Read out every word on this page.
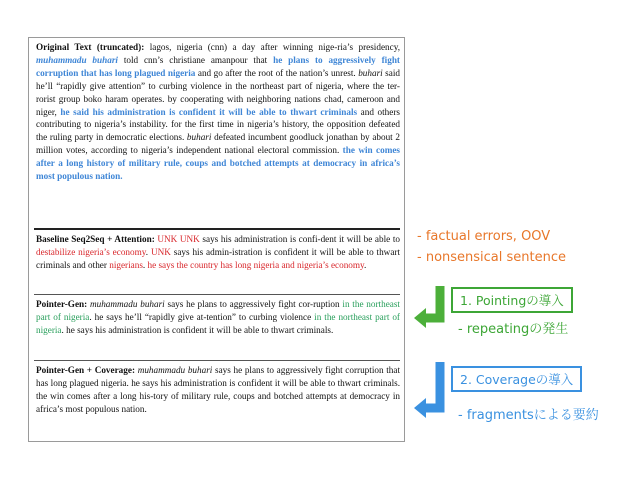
Original Text (truncated): lagos, nigeria (cnn) a day after winning nige-ria’s presidency, muhammadu buhari told cnn’s christiane amanpour that he plans to aggressively fight corruption that has long plagued nigeria and go after the root of the nation’s unrest. buhari said he’ll “rapidly give attention” to curbing violence in the northeast part of nigeria, where the ter-rorist group boko haram operates. by cooperating with neighboring nations chad, cameroon and niger, he said his administration is confident it will be able to thwart criminals and others contributing to nigeria’s instability. for the first time in nigeria’s history, the opposition defeated the ruling party in democratic elections. buhari defeated incumbent goodluck jonathan by about 2 million votes, according to nigeria’s independent national electoral commission. the win comes after a long history of military rule, coups and botched attempts at democracy in africa’s most populous nation.
Baseline Seq2Seq + Attention: UNK UNK says his administration is confi-dent it will be able to destabilize nigeria’s economy. UNK says his admin-istration is confident it will be able to thwart criminals and other nigerians. he says the country has long nigeria and nigeria’s economy.
Pointer-Gen: muhammadu buhari says he plans to aggressively fight cor-ruption in the northeast part of nigeria. he says he’ll “rapidly give at-tention” to curbing violence in the northeast part of nigeria. he says his administration is confident it will be able to thwart criminals.
Pointer-Gen + Coverage: muhammadu buhari says he plans to aggressively fight corruption that has long plagued nigeria. he says his administration is confident it will be able to thwart criminals. the win comes after a long his-tory of military rule, coups and botched attempts at democracy in africa’s most populous nation.
- factual errors, OOV
- nonsensical sentence
1. Pointingの導入
- repeatingの発生
2. Coverageの導入
- fragmentsによる要約
